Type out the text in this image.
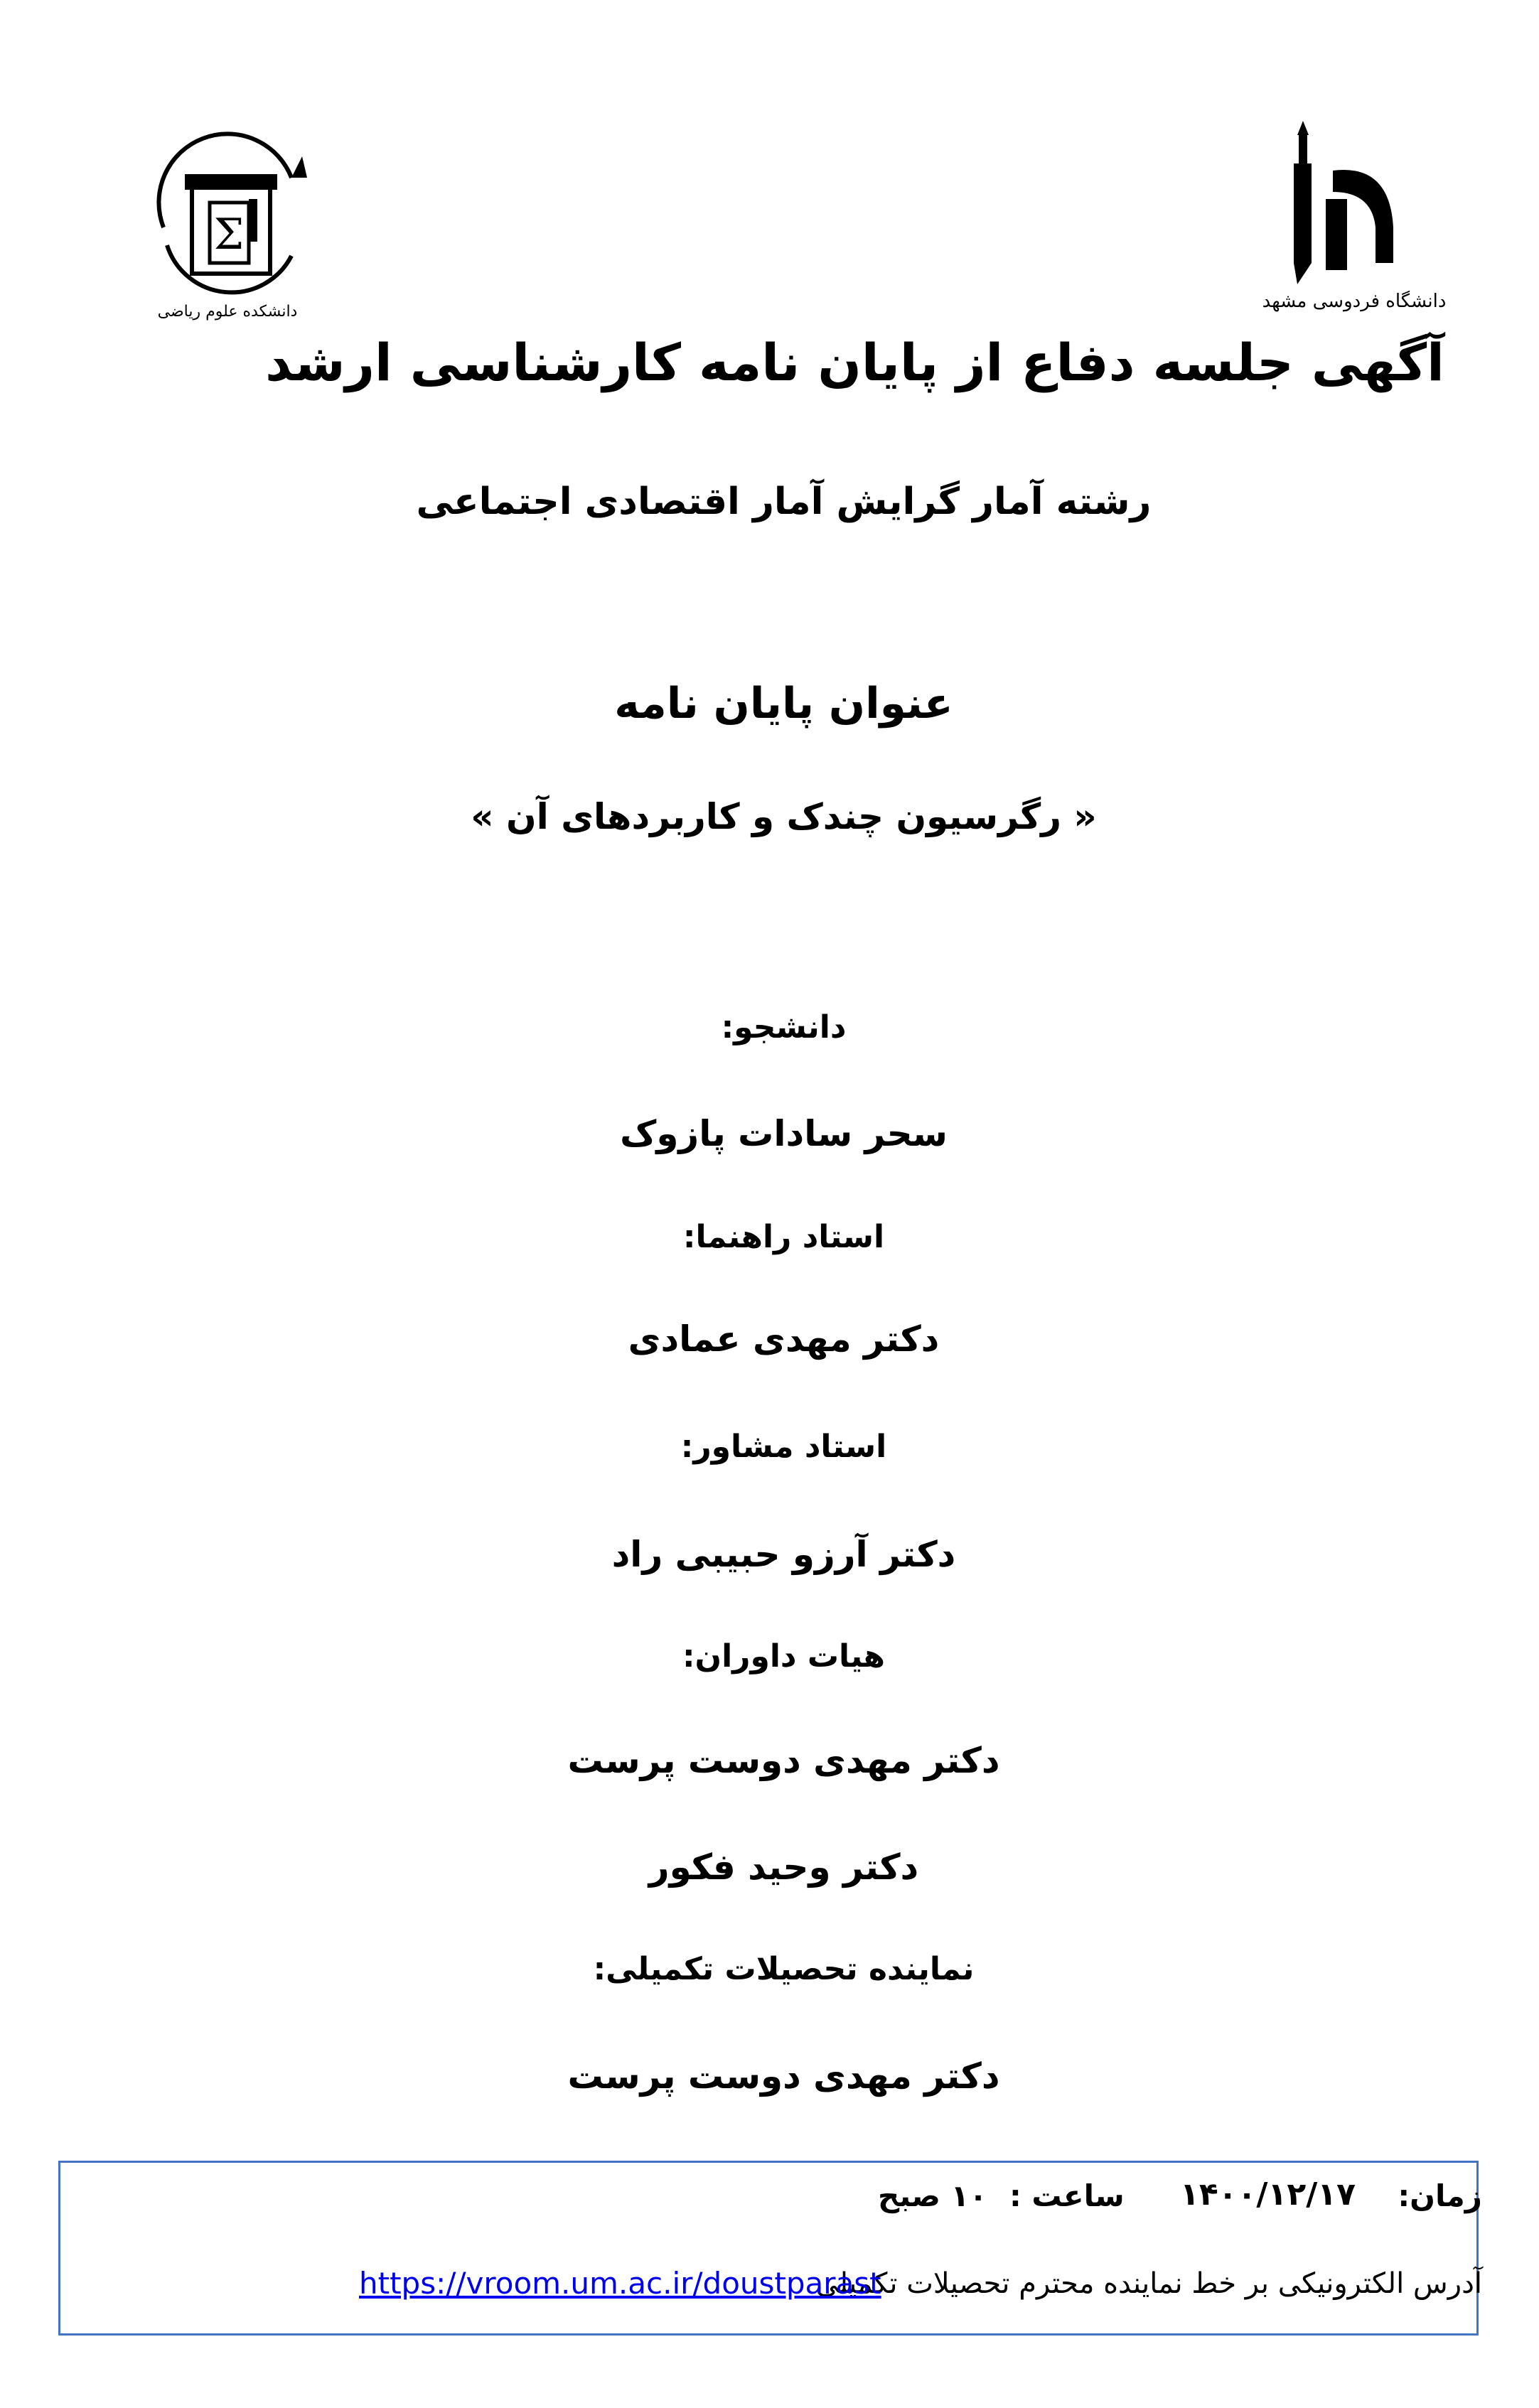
Σ
دانشکده علوم ریاضی	دانشگاه فردوسی مشهد
آگهی جلسه دفاع از پایان نامه کارشناسی ارشد
رشته آمار گرایش آمار اقتصادی اجتماعی
عنوان پایان نامه
« رگرسیون چندک و کاربردهای آن »
دانشجو:
سحر سادات پازوک
استاد راهنما:
دکتر مهدی عمادی
استاد مشاور:
دکتر آرزو حبیبی راد
هیات داوران:
دکتر مهدی دوست پرست
دکتر وحید فکور
نماینده تحصیلات تکمیلی:
دکتر مهدی دوست پرست
زمان:
۱۴۰۰/۱۲/۱۷
ساعت :
۱۰ صبح
آدرس الکترونیکی بر خط نماینده محترم تحصیلات تکمیلی
https://vroom.um.ac.ir/doustparast
